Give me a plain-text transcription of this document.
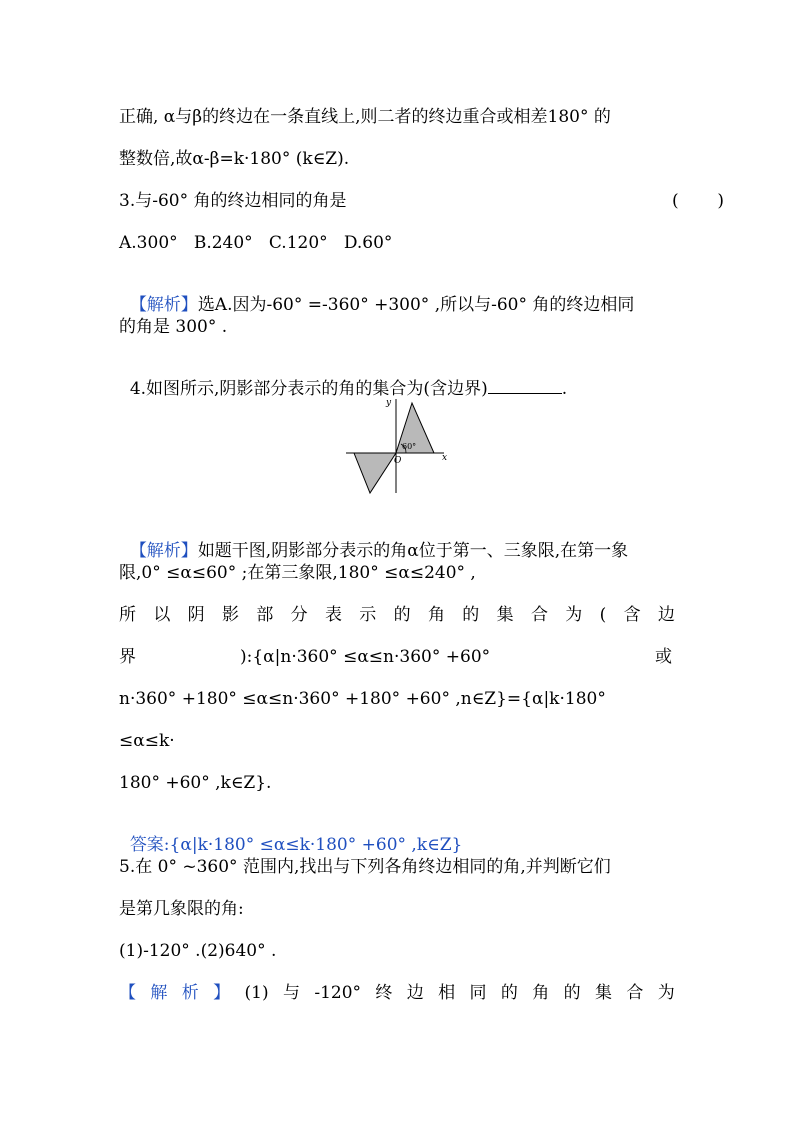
正确, α与β的终边在一条直线上,则二者的终边重合或相差180° 的
整数倍,故α-β=k·180° (k∈Z).
3.与-60° 角的终边相同的角是	( )
A.300°   B.240°   C.120°   D.60°

【解析】选A.因为-60° =-360° +300° ,所以与-60° 角的终边相同

的角是 300° .

4.如图所示,阴影部分表示的角的集合为(含边界)	.

y
x
O
60°

【解析】如题干图,阴影部分表示的角α位于第一、三象限,在第一象

限,0° ≤α≤60° ;在第三象限,180° ≤α≤240° ,
所 以 阴 影 部 分 表 示 的 角 的 集 合 为 ( 含 边
界	):{α|n·360° ≤α≤n·360° +60°	或
n·360° +180° ≤α≤n·360° +180° +60° ,n∈Z}={α|k·180°
≤α≤k·
180° +60° ,k∈Z}.

答案:{α|k·180° ≤α≤k·180° +60° ,k∈Z}

5.在 0° ~360° 范围内,找出与下列各角终边相同的角,并判断它们
是第几象限的角:
(1)-120° .(2)640° .
【 解 析 】 (1) 与 -120° 终 边 相 同 的 角 的 集 合 为
